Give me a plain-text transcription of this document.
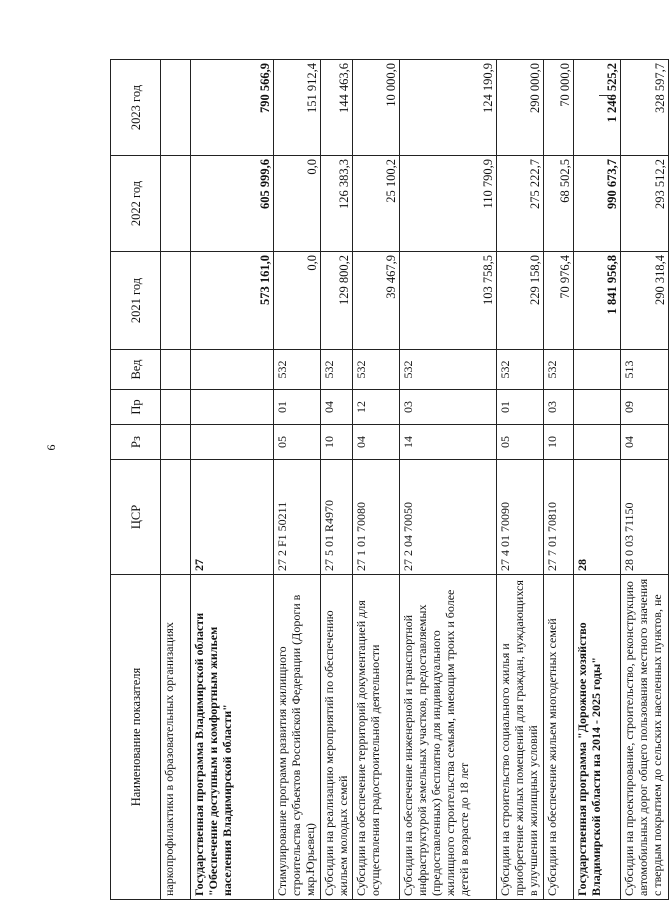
9
Наименование показателя	ЦСР	Рз	Пр	Вед	2021 год	2022 год	2023 год
наркопрофилактики в образовательных организациях							
Государственная программа Владимирской области "Обеспечение доступным и комфортным жильем населения Владимирской области"	27				573 161,0	605 999,6	790 566,9
Стимулирование программ развития жилищного строительства субъектов Российской Федерации (Дороги в мкр.Юрьевец)	27 2 F1 50211	05	01	532	0,0	0,0	151 912,4
Субсидии на реализацию мероприятий по обеспечению жильем молодых семей	27 5 01 R4970	10	04	532	129 800,2	126 383,3	144 463,6
Субсидии на обеспечение территорий документацией для осуществления градостроительной деятельности	27 1 01 70080	04	12	532	39 467,9	25 100,2	10 000,0
Субсидии на обеспечение инженерной и транспортной инфраструктурой земельных участков, предоставляемых (предоставленных) бесплатно для индивидуального жилищного строительства семьям, имеющим троих и более детей в возрасте до 18 лет	27 2 04 70050	14	03	532	103 758,5	110 790,9	124 190,9
Субсидии на строительство социального жилья и приобретение жилых помещений для граждан, нуждающихся в улучшении жилищных условий	27 4 01 70090	05	01	532	229 158,0	275 222,7	290 000,0
Субсидии на обеспечение жильем многодетных семей	27 7 01 70810	10	03	532	70 976,4	68 502,5	70 000,0
Государственная программа "Дорожное хозяйство Владимирской области на 2014 - 2025 годы"	28				1 841 956,8	990 673,7	1 246 525,2
Субсидии на проектирование, строительство, реконструкцию автомобильных дорог общего пользования местного значения с твердым покрытием до сельских населенных пунктов, не	28 0 03 71150	04	09	513	290 318,4	293 512,2	328 597,7
